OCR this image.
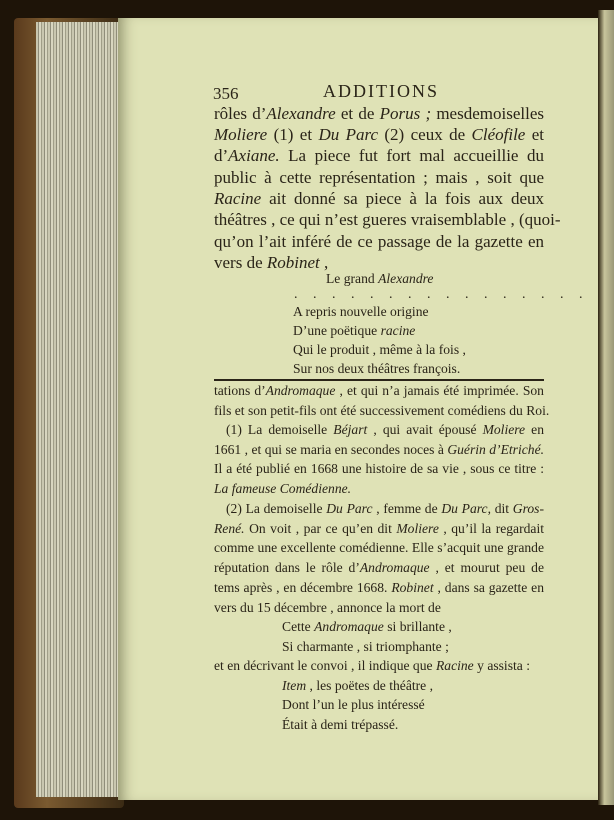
356	ADDITIONS
. . . . . . . . . . . . . . . .
rôles d’Alexandre et de Porus ; mesdemoiselles
Moliere (1) et Du Parc (2) ceux de Cléofile et
d’Axiane. La piece fut fort mal accueillie du
public à cette représentation ; mais , soit que
Racine ait donné sa piece à la fois aux deux
théâtres , ce qui n’est gueres vraisemblable , (quoi-
qu’on l’ait inféré de ce passage de la gazette en
vers de Robinet ,
Le grand Alexandre
A repris nouvelle origine
D’une poëtique racine
Qui le produit , même à la fois ,
Sur nos deux théâtres françois.
tations d’Andromaque , et qui n’a jamais été imprimée. Son
fils et son petit-fils ont été successivement comédiens du Roi.
(1) La demoiselle Béjart , qui avait épousé Moliere en
1661 , et qui se maria en secondes noces à Guérin d’Etriché.
Il a été publié en 1668 une histoire de sa vie , sous ce titre :
La fameuse Comédienne.
(2) La demoiselle Du Parc , femme de Du Parc, dit Gros-
René. On voit , par ce qu’en dit Moliere , qu’il la regardait
comme une excellente comédienne. Elle s’acquit une grande
réputation dans le rôle d’Andromaque , et mourut peu de
tems après , en décembre 1668. Robinet , dans sa gazette en
vers du 15 décembre , annonce la mort de
Cette Andromaque si brillante ,
Si charmante , si triomphante ;
et en décrivant le convoi , il indique que Racine y assista :
Item , les poëtes de théâtre ,
Dont l’un le plus intéressé
Était à demi trépassé.
